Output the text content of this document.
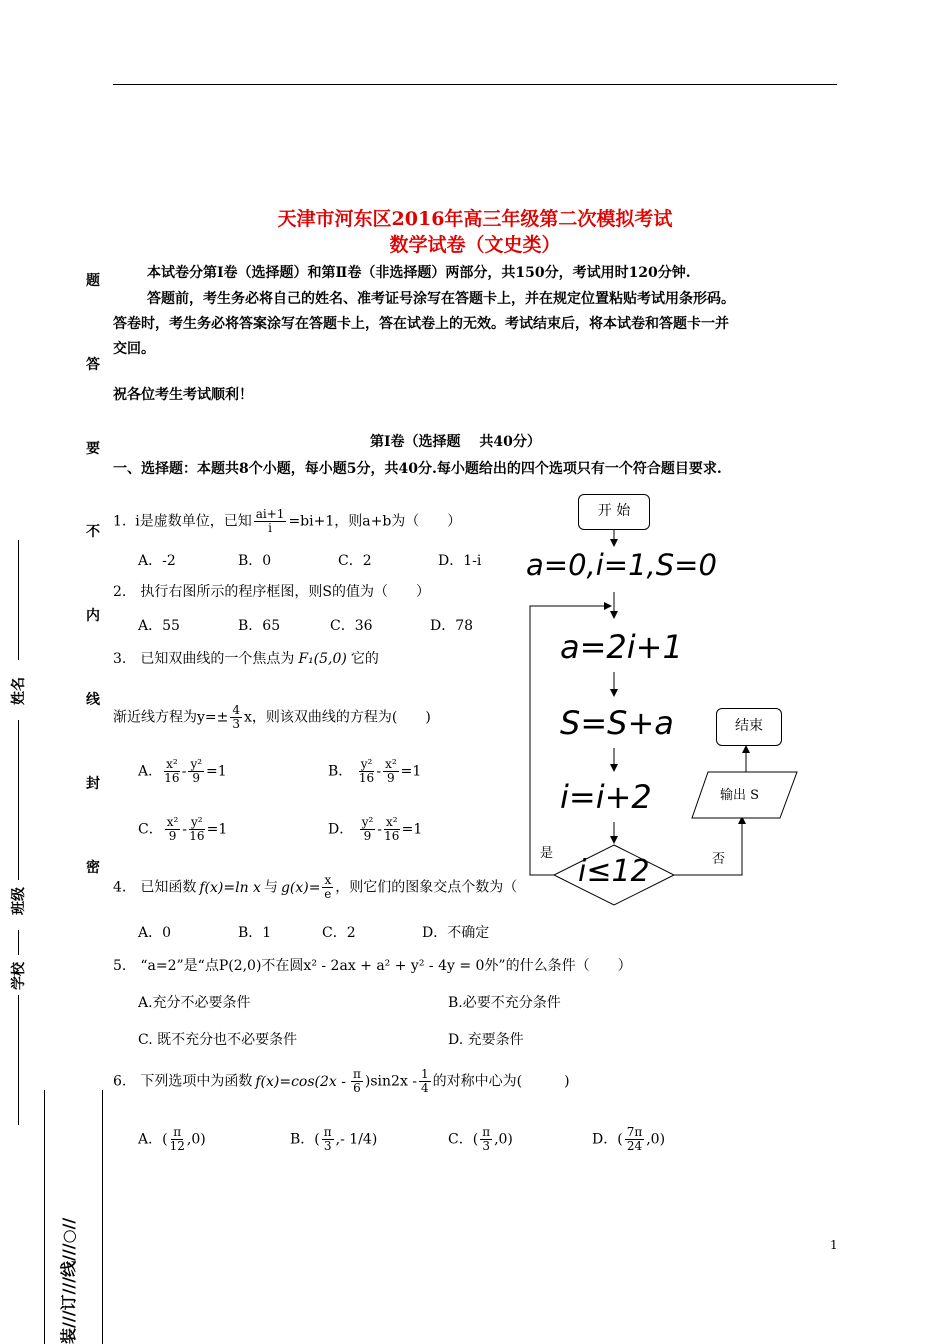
天津市河东区2016年高三年级第二次模拟考试
数学试卷（文史类）
本试卷分第Ⅰ卷（选择题）和第Ⅱ卷（非选择题）两部分，共150分，考试用时120分钟.
答题前，考生务必将自己的姓名、准考证号涂写在答题卡上，并在规定位置粘贴考试用条形码。
答卷时，考生务必将答案涂写在答题卡上，答在试卷上的无效。考试结束后，将本试卷和答题卡一并
交回。
祝各位考生考试顺利！
第Ⅰ卷（选择题　 共40分）
一、选择题：本题共8个小题，每小题5分，共40分.每小题给出的四个选项只有一个符合题目要求.
题
答
要
不
内
线
封
密
姓名
班级
学校
装///订///线///○//
1. i是虚数单位，已知 $\frac{ai+1}{i} =bi+1$，则a+b为（　　）
A．-2	B．0	C．2	D．1-i
2.　执行右图所示的程序框图，则S的值为（　　）
A．55	B．65	C．36	D．78
3.　已知双曲线的一个焦点为 F₁(5,0) 它的
渐近线方程为$y=\pm \frac{4}{3}$ x，则该双曲线的方程为(　　)
A． $\frac{\text{x²}}{16} - \frac{\text{y²}}{9} =1$	B． $\frac{\text{y²}}{16} - \frac{\text{x²}}{9} =1$
C． $\frac{\text{x²}}{9} - \frac{\text{y²}}{16} =1$	D． $\frac{\text{y²}}{9} - \frac{\text{x²}}{16} =1$
4.　已知函数 f(x)=ln x 与 $g(x)= \frac{x}{e}$ ，则它们的图象交点个数为（
A．0	B．1	C．2	D．不确定
5.　“a=2”是“点P(2,0)不在圆x² - 2ax + a² + y² - 4y = 0外”的什么条件（　　）
A.充分不必要条件	B.必要不充分条件
C. 既不充分也不必要条件	D. 充要条件
6.　下列选项中为函数 $f(x)=\cos(2x - \frac{\pi}{6} )\sin 2x - \frac{1}{4}$ 的对称中心为(　　　)
A．( $\frac{\pi}{12} ,0$)	B．( $\frac{\pi}{3}$ ,- 1/4)	C．( $\frac{\pi}{3} ,0$)	D．( $\frac{7\pi}{24} ,0$)
开 始
a=0,i=1,S=0
a=2i+1
S=S+a
i=i+2
i≤12
是	否
输出 S
结束
1
